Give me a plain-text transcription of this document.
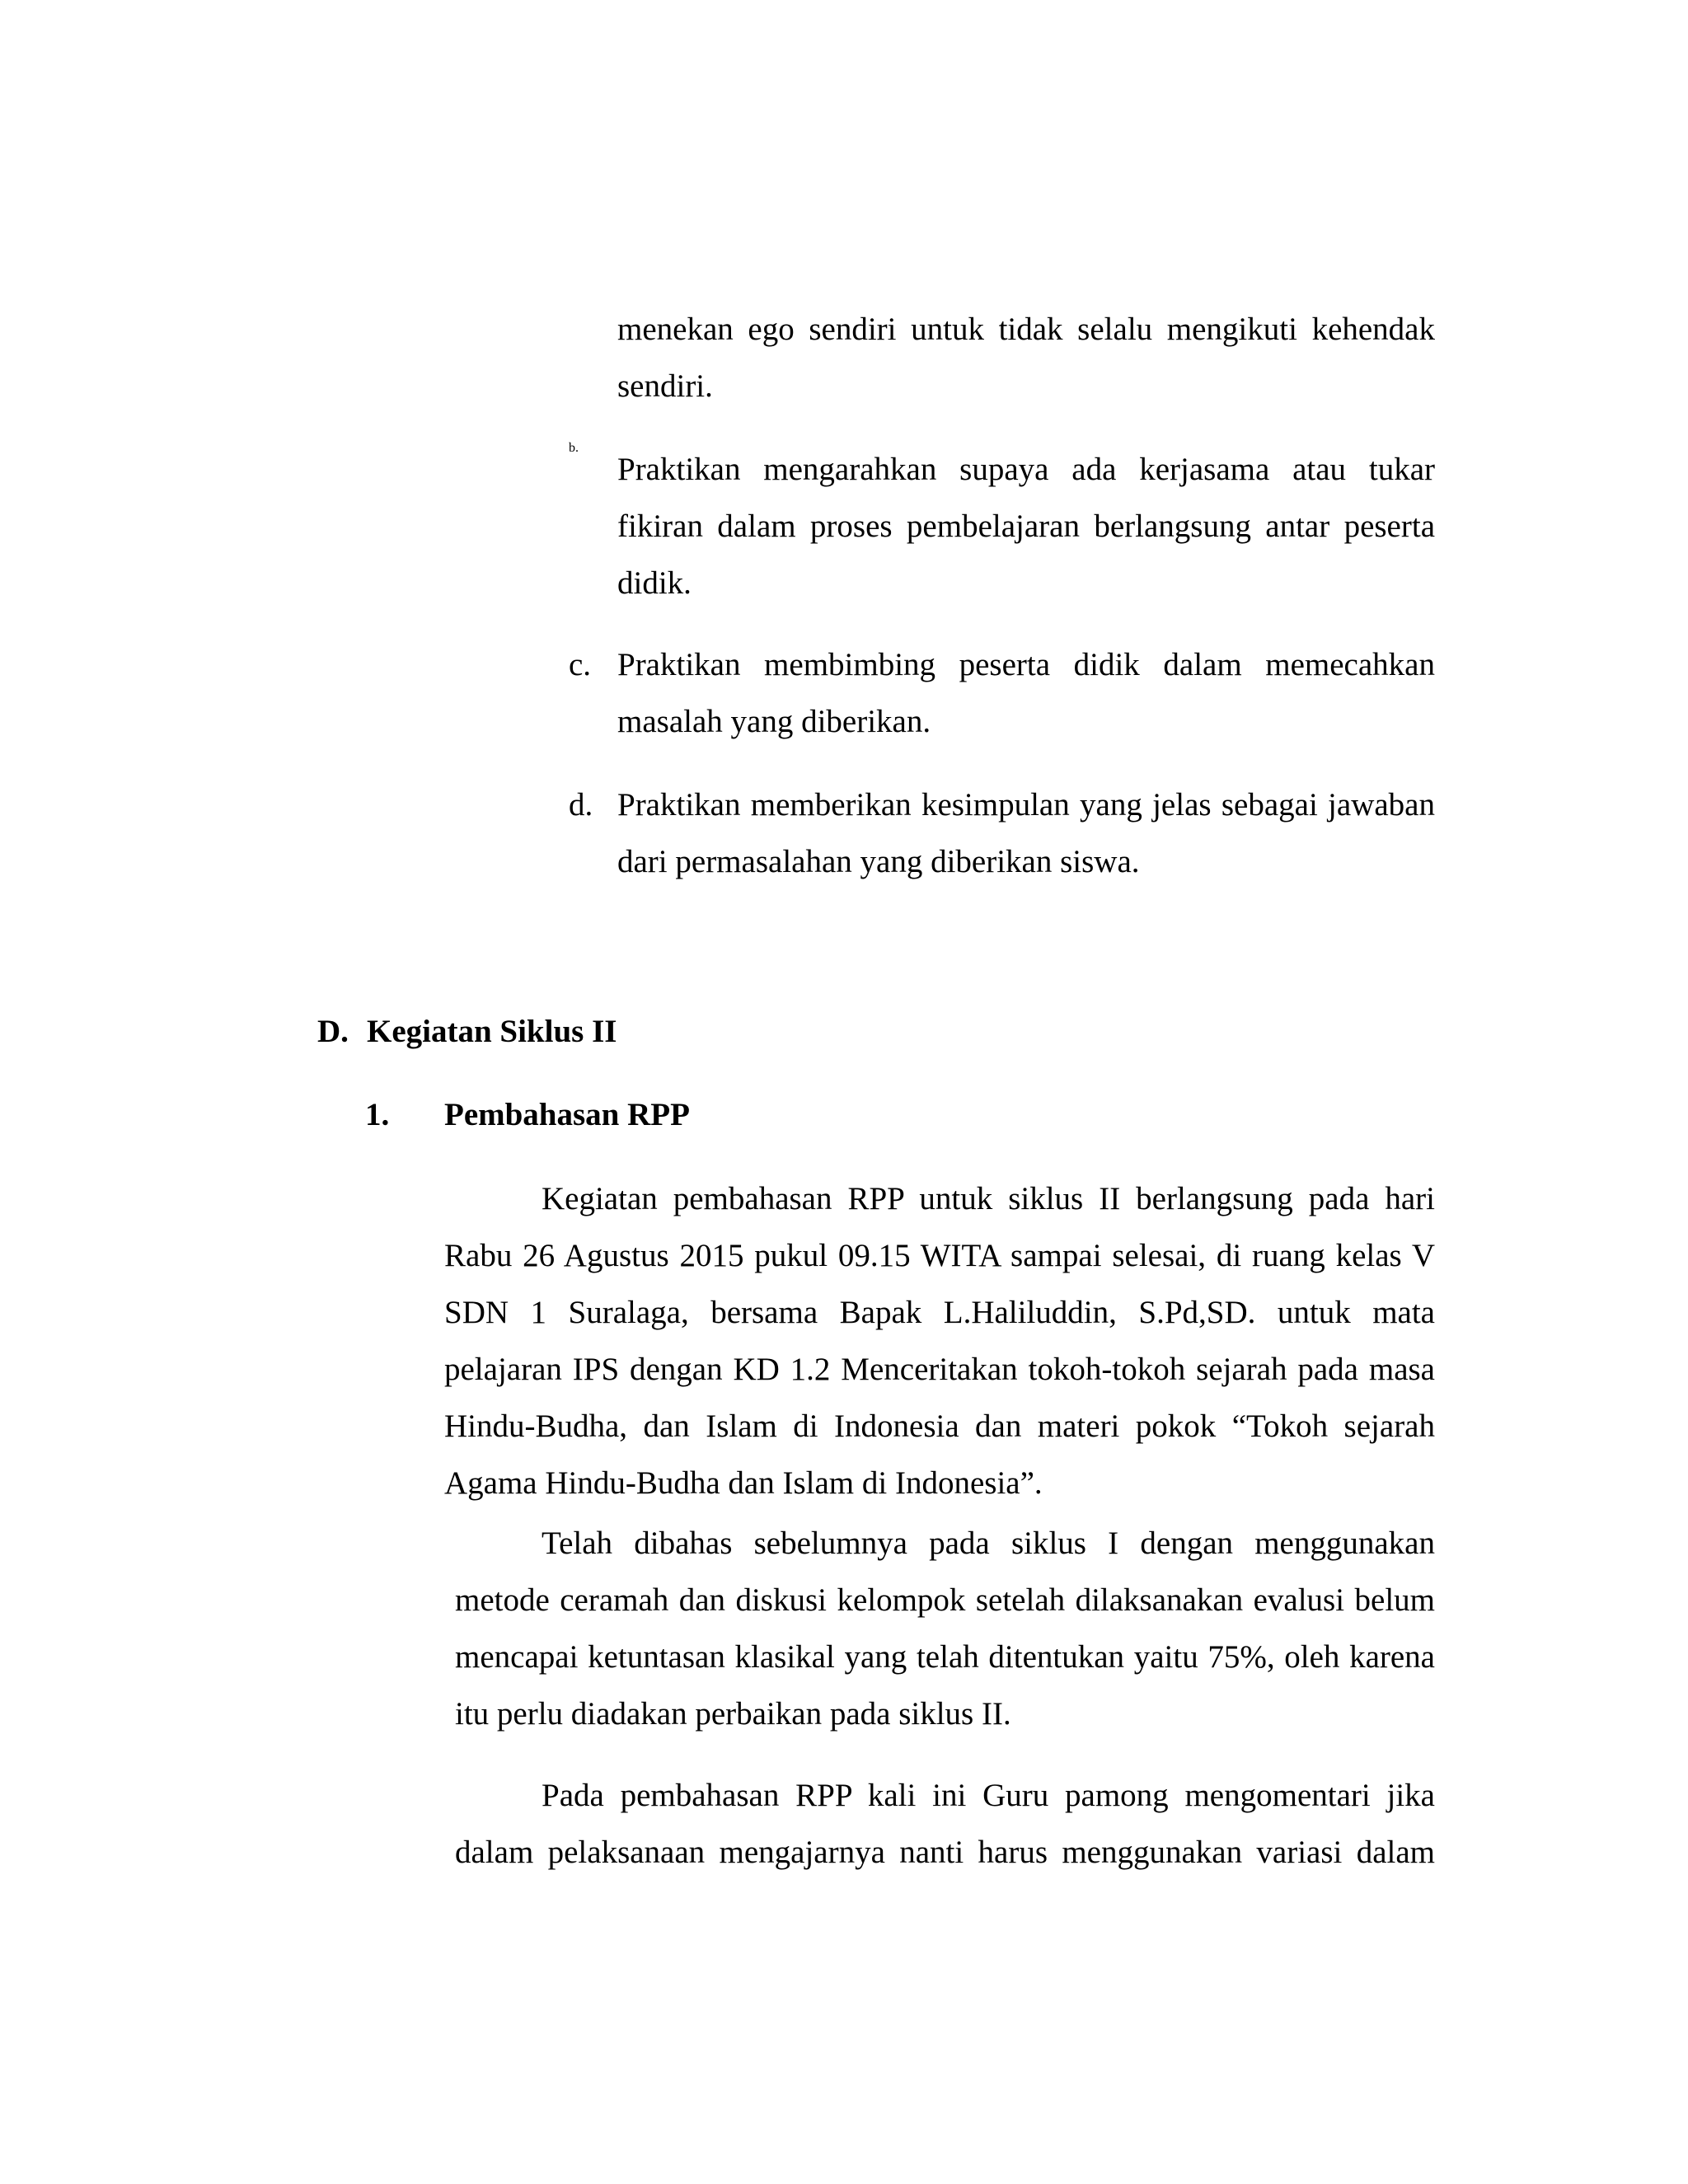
menekan ego sendiri untuk tidak selalu mengikuti kehendak sendiri.

b.
Praktikan mengarahkan supaya ada kerjasama atau tukar fikiran dalam proses pembelajaran berlangsung antar peserta didik.
c. Praktikan membimbing peserta didik dalam memecahkan masalah yang diberikan.
d. Praktikan memberikan kesimpulan yang jelas sebagai jawaban dari permasalahan yang diberikan siswa.
D. Kegiatan Siklus II
1.	Pembahasan RPP

Kegiatan pembahasan RPP untuk siklus II berlangsung pada hari Rabu 26 Agustus 2015 pukul 09.15 WITA sampai selesai, di ruang kelas V SDN 1 Suralaga, bersama Bapak L.Haliluddin, S.Pd,SD. untuk mata pelajaran IPS dengan KD 1.2 Menceritakan tokoh-tokoh sejarah pada masa Hindu-Budha, dan Islam di Indonesia dan materi pokok “Tokoh sejarah Agama Hindu-Budha dan Islam di Indonesia”.

Telah dibahas sebelumnya pada siklus I dengan menggunakan metode ceramah dan diskusi kelompok setelah dilaksanakan evalusi belum mencapai ketuntasan klasikal yang telah ditentukan yaitu 75%, oleh karena itu perlu diadakan perbaikan pada siklus II.

Pada pembahasan RPP kali ini Guru pamong mengomentari jika dalam pelaksanaan mengajarnya nanti harus menggunakan variasi dalam
